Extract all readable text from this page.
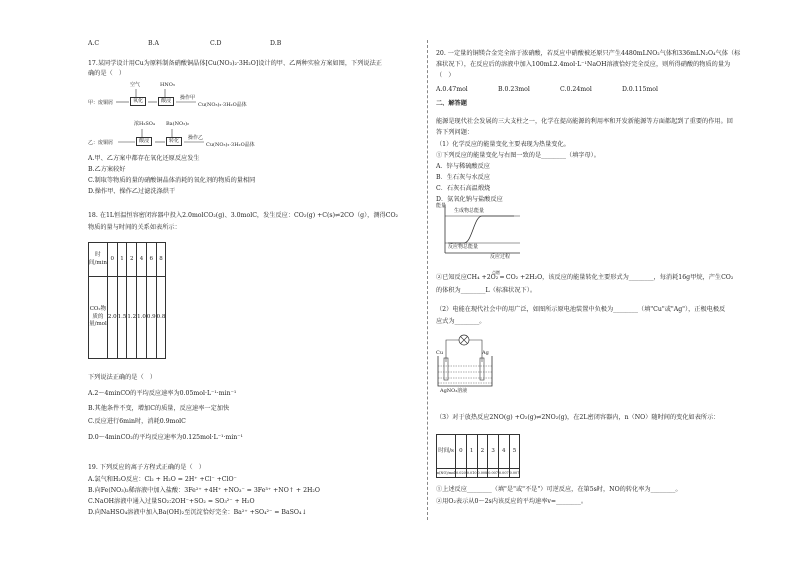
A.C	B.A	C.D	D.B
17.某同学设计用Cu为原料制备硝酸铜晶体[Cu(NO₃)₂·3H₂O]设计的甲、乙两种实验方案如图，下列说法正
确的是（　）
空气	HNO₃
甲：废铜屑	氧化	酸浸	操作甲
Cu(NO₃)₂·3H₂O晶体
浓H₂SO₄ Ba(NO₃)₂
乙：废铜屑	酸浸	转化	操作乙
Cu(NO₃)₂·3H₂O晶体
A.甲、乙方案中都存在氧化还原反应发生
B.乙方案较好
C.制取等物质的量的硝酸铜晶体消耗的氧化剂的物质的量相同
D.操作甲、操作乙过滤洗涤烘干
18. 在1L恒温恒容密闭容器中投入2.0molCO₂(g)、3.0molC，发生反应：CO₂(g) +C(s)⇌2CO（g），测得CO₂
物质的量与时间的关系如表所示：
时间/min	0	1	2	4	6	8
CO₂物质的量/mol	2.0	1.5	1.2	1.0	0.9	0.8
下列说法正确的是（　）
A.2～4minCO的平均反应速率为0.05mol·L⁻¹·min⁻¹
B.其他条件不变，增加C的质量，反应速率一定加快
C.反应进行6min时，消耗0.9molC
D.0～4minCO₂的平均反应速率为0.125mol·L⁻¹·min⁻¹
19. 下列反应的离子方程式正确的是（　）
A.氯气和H₂O反应：Cl₂ + H₂O = 2H⁺ +Cl⁻ +ClO⁻
B.向Fe(NO₃)₂稀溶液中加入盐酸：3Fe²⁺ +4H⁺ +NO₃⁻ = 3Fe³⁺ +NO↑ + 2H₂O
C.NaOH溶液中通入过量SO₂:2OH⁻+SO₂ = SO₃²⁻ + H₂O
D.向NaHSO₄溶液中加入Ba(OH)₂至沉淀恰好完全：Ba²⁺ +SO₄²⁻ = BaSO₄↓
20. 一定量的铜镁合金完全溶于浓硝酸，若反应中硝酸被还原只产生4480mLNO₂气体和336mLN₂O₄气体（标
准状况下），在反应后的溶液中加入100mL2.4mol·L⁻¹NaOH溶液恰好完全反应，则所得硝酸的物质的量为
（　）
A.0.47mol	B.0.23mol	C.0.24mol	D.0.115mol
二、解答题
能源是现代社会发展的三大支柱之一，化学在提高能源的利用率和开发新能源等方面都起到了重要的作用。回
答下列问题：
（1）化学反应的能量变化主要表现为热量变化。
①下列反应的能量变化与右图一致的是________（填字母）。
A．锌与稀硫酸反应
B．生石灰与水反应
C．石灰石高温煅烧
D．氨氧化钠与盐酸反应
能量
生成物总能量
反应物总能量
反应过程
点燃
②已知反应CH₄ +2O₂ ═ CO₂ +2H₂O，该反应的能量转化主要形式为________，每消耗16g甲烷，产生CO₂
的体积为________L（标准状况下）。
（2）电能在现代社会中的用广泛，如图所示原电池装置中负极为________（填"Cu"或"Ag"），正极电极反
应式为________。
Cu	Ag
AgNO₃溶液
（3）对于放热反应2NO(g) +O₂(g)⇌2NO₂(g)，在2L密闭容器内，n（NO）随时间的变化如表所示：
时间/s	0	1	2	3	4	5
n(NO)/mol	0.020	0.010	0.008	0.007	0.007	0.007
①上述反应________（填"是"或"不是"）可逆反应，在第5s时，NO的转化率为________。
②用O₂表示从0～2s内该反应的平均速率v=________。
